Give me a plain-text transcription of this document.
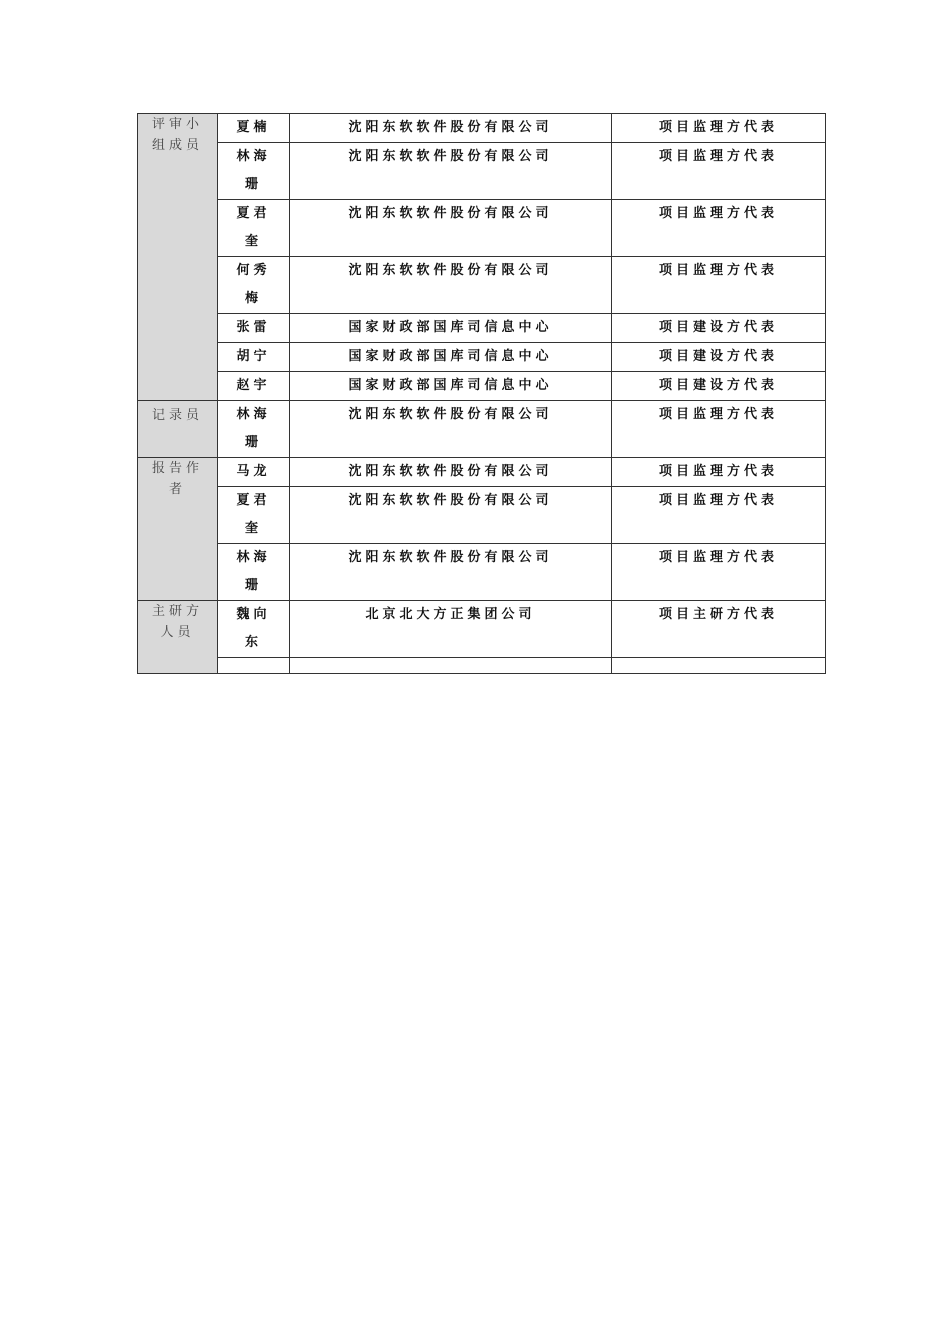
评审小组成员	夏楠	沈阳东软软件股份有限公司	项目监理方代表
	林海珊	沈阳东软软件股份有限公司	项目监理方代表
	夏君奎	沈阳东软软件股份有限公司	项目监理方代表
	何秀梅	沈阳东软软件股份有限公司	项目监理方代表
	张雷	国家财政部国库司信息中心	项目建设方代表
	胡宁	国家财政部国库司信息中心	项目建设方代表
	赵宇	国家财政部国库司信息中心	项目建设方代表
记录员	林海珊	沈阳东软软件股份有限公司	项目监理方代表
报告作者	马龙	沈阳东软软件股份有限公司	项目监理方代表
	夏君奎	沈阳东软软件股份有限公司	项目监理方代表
	林海珊	沈阳东软软件股份有限公司	项目监理方代表
主研方人员	魏向东	北京北大方正集团公司	项目主研方代表
